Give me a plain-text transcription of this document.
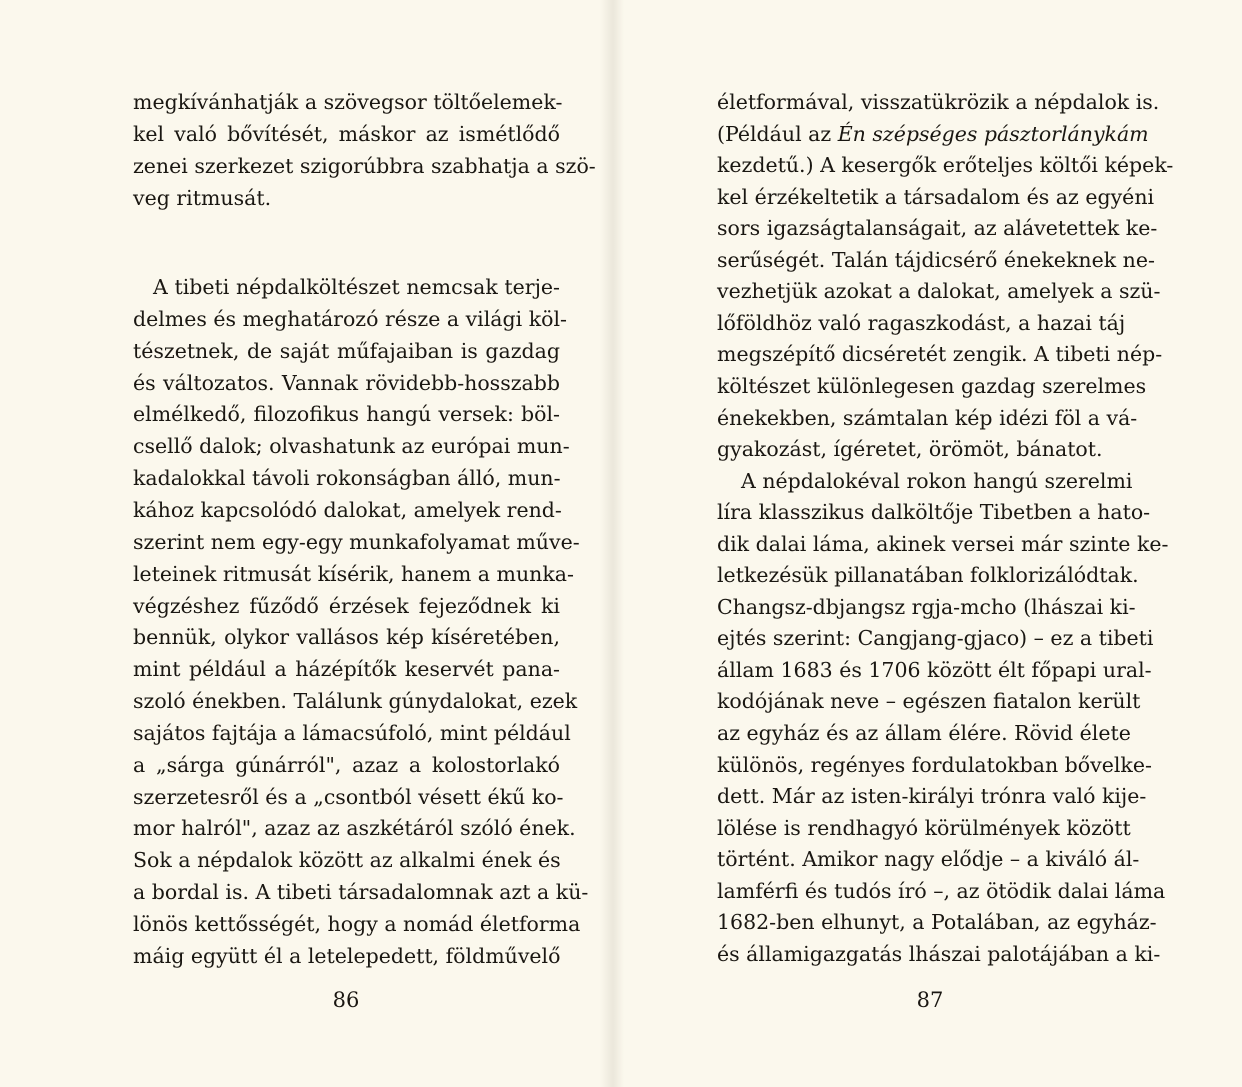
megkívánhatják a szövegsor töltőelemek-
kel való bővítését, máskor az ismétlődő
zenei szerkezet szigorúbbra szabhatja a szö-
veg ritmusát.
A tibeti népdalköltészet nemcsak terje-
delmes és meghatározó része a világi köl-
tészetnek, de saját műfajaiban is gazdag
és változatos. Vannak rövidebb-hosszabb
elmélkedő, filozofikus hangú versek: böl-
csellő dalok; olvashatunk az európai mun-
kadalokkal távoli rokonságban álló, mun-
kához kapcsolódó dalokat, amelyek rend-
szerint nem egy-egy munkafolyamat műve-
leteinek ritmusát kísérik, hanem a munka-
végzéshez fűződő érzések fejeződnek ki
bennük, olykor vallásos kép kíséretében,
mint például a házépítők keservét pana-
szoló énekben. Találunk gúnydalokat, ezek
sajátos fajtája a lámacsúfoló, mint például
a „sárga gúnárról", azaz a kolostorlakó
szerzetesről és a „csontból vésett ékű ko-
mor halról", azaz az aszkétáról szóló ének.
Sok a népdalok között az alkalmi ének és
a bordal is. A tibeti társadalomnak azt a kü-
lönös kettősségét, hogy a nomád életforma
máig együtt él a letelepedett, földművelő
életformával, visszatükrözik a népdalok is.
(Például az Én szépséges pásztorlánykám
kezdetű.) A kesergők erőteljes költői képek-
kel érzékeltetik a társadalom és az egyéni
sors igazságtalanságait, az alávetettek ke-
serűségét. Talán tájdicsérő énekeknek ne-
vezhetjük azokat a dalokat, amelyek a szü-
lőföldhöz való ragaszkodást, a hazai táj
megszépítő dicséretét zengik. A tibeti nép-
költészet különlegesen gazdag szerelmes
énekekben, számtalan kép idézi föl a vá-
gyakozást, ígéretet, örömöt, bánatot.
A népdalokéval rokon hangú szerelmi
líra klasszikus dalköltője Tibetben a hato-
dik dalai láma, akinek versei már szinte ke-
letkezésük pillanatában folklorizálódtak.
Changsz-dbjangsz rgja-mcho (lhászai ki-
ejtés szerint: Cangjang-gjaco) – ez a tibeti
állam 1683 és 1706 között élt főpapi ural-
kodójának neve – egészen fiatalon került
az egyház és az állam élére. Rövid élete
különös, regényes fordulatokban bővelke-
dett. Már az isten-királyi trónra való kije-
lölése is rendhagyó körülmények között
történt. Amikor nagy elődje – a kiváló ál-
lamférfi és tudós író –, az ötödik dalai láma
1682-ben elhunyt, a Potalában, az egyház-
és államigazgatás lhászai palotájában a ki-
86	87
